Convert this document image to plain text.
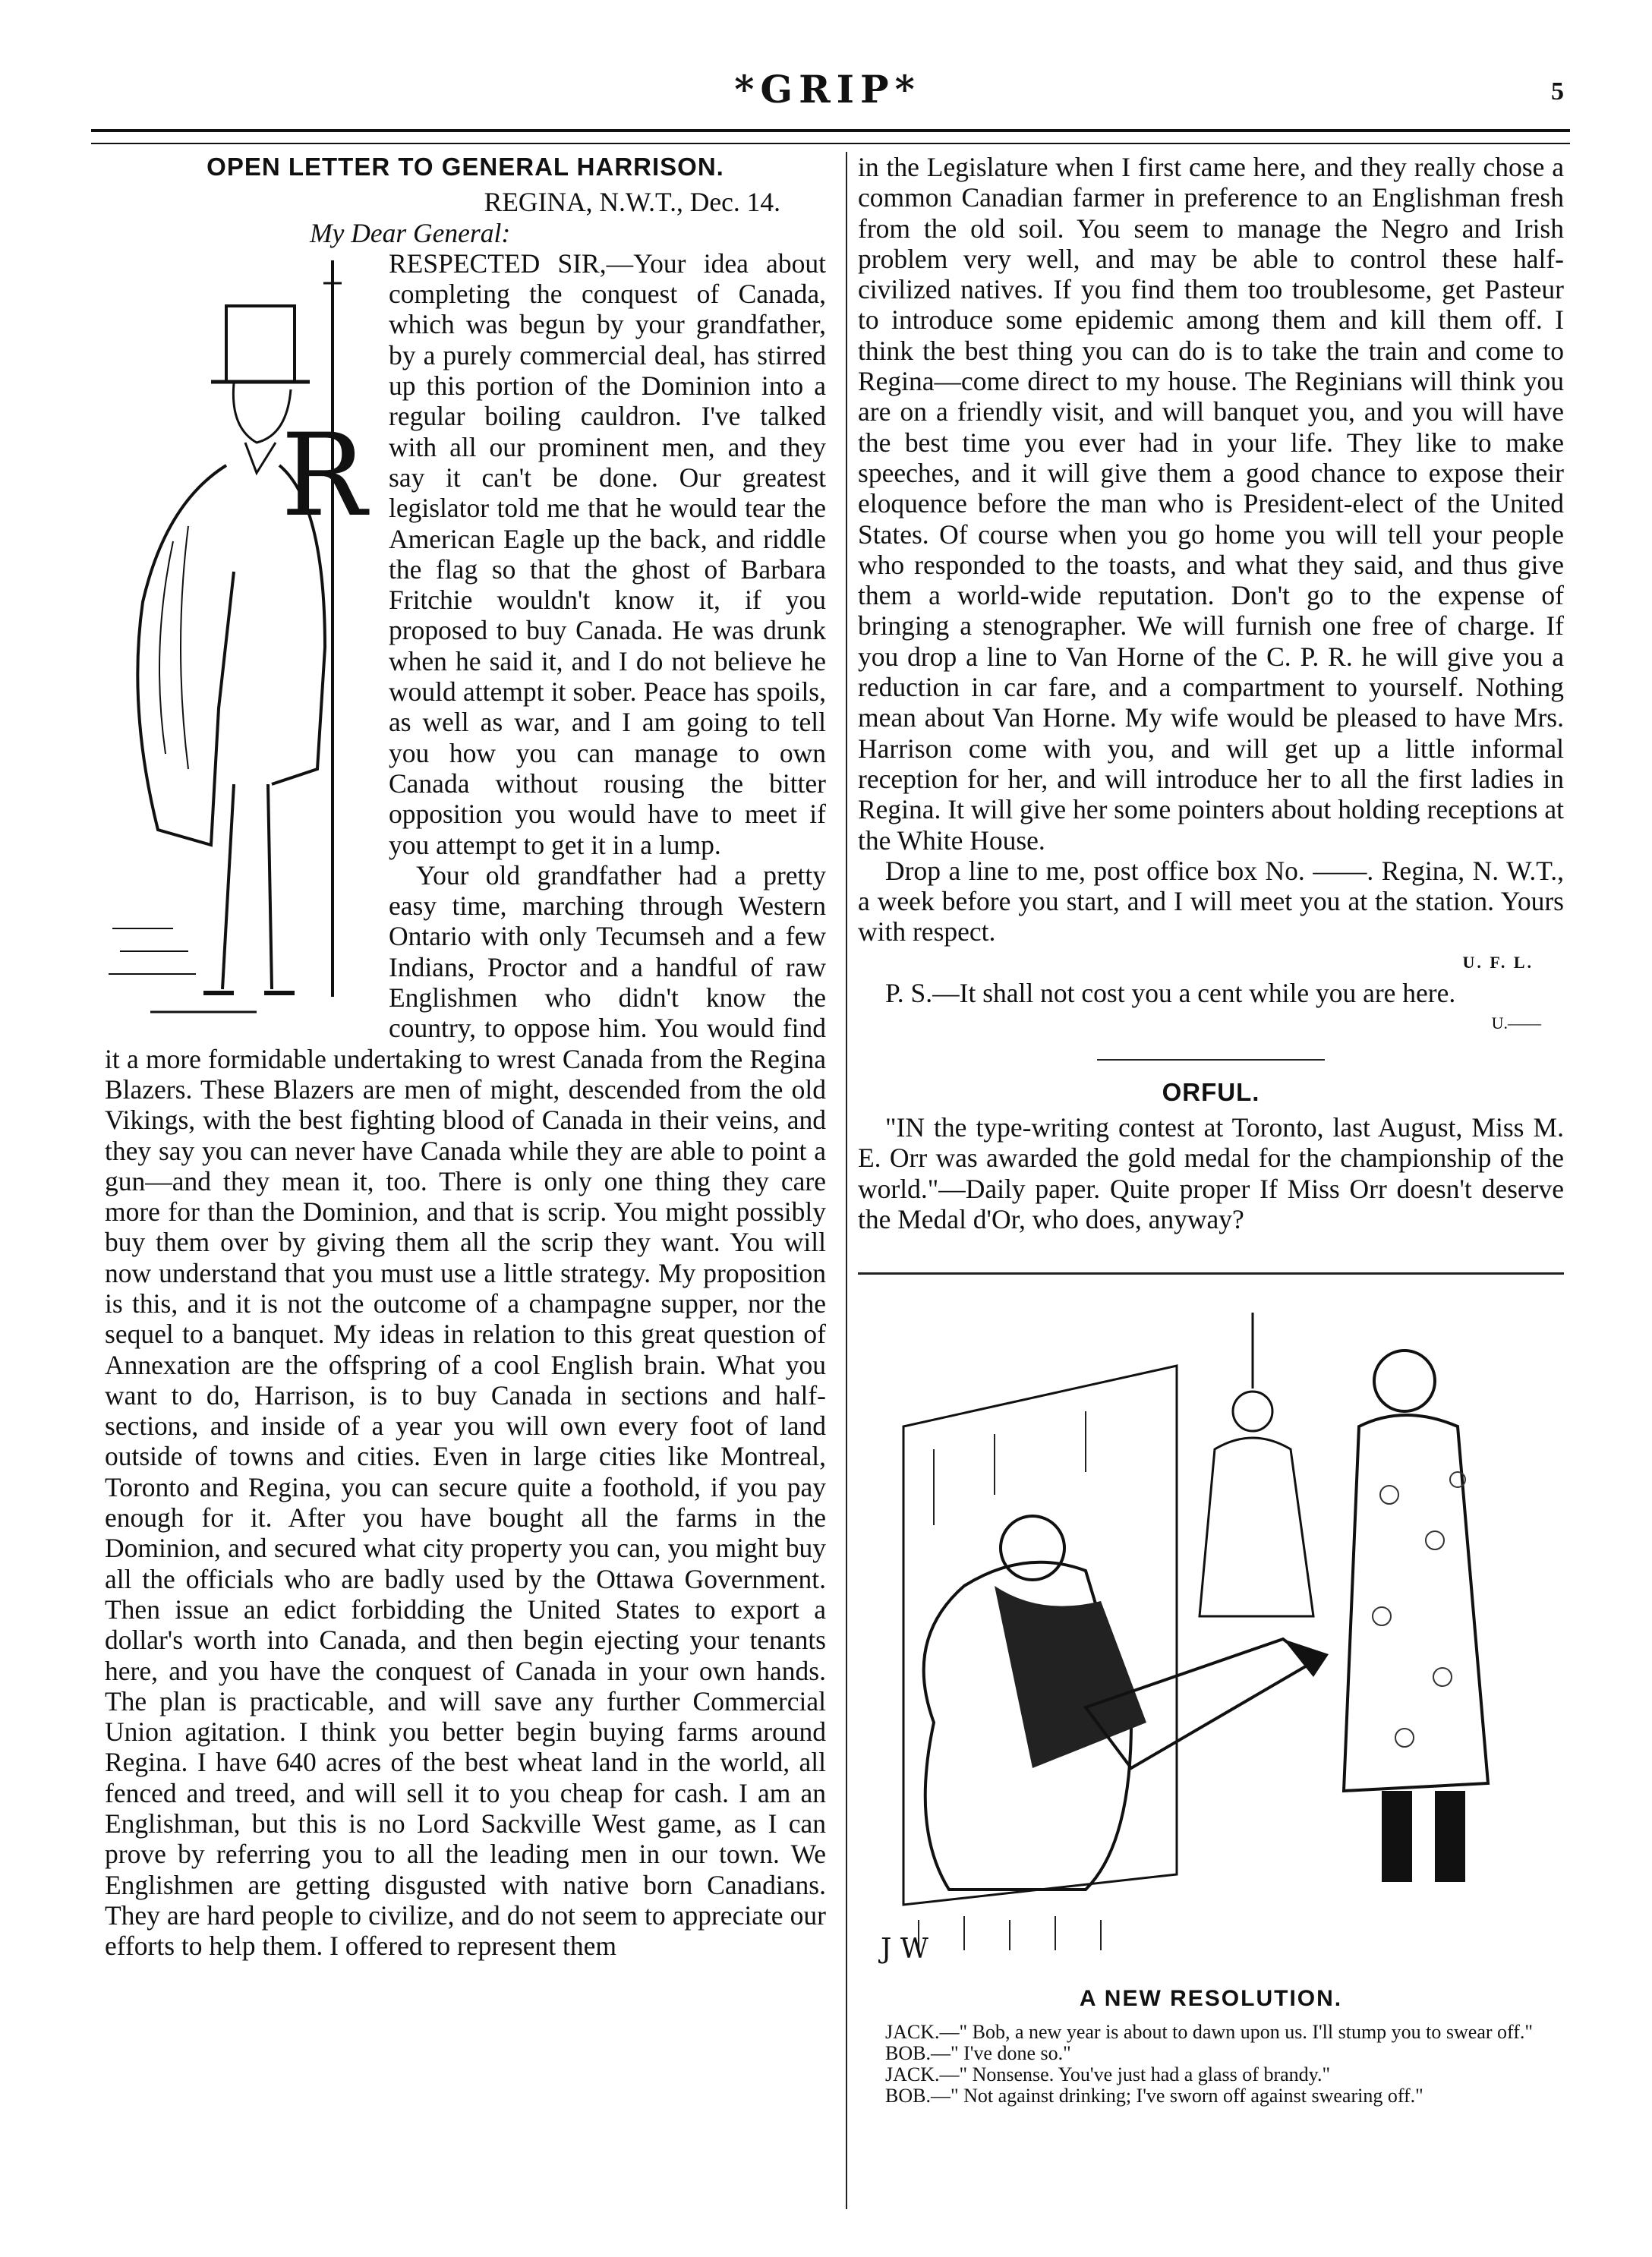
*GRIP*	5
OPEN LETTER TO GENERAL HARRISON.
REGINA, N.W.T., Dec. 14.
My Dear General:
R

RESPECTED SIR,—Your idea about completing the conquest of Canada, which was begun by your grandfather, by a purely commercial deal, has stirred up this portion of the Dominion into a regular boiling cauldron. I've talked with all our prominent men, and they say it can't be done. Our greatest legislator told me that he would tear the American Eagle up the back, and riddle the flag so that the ghost of Barbara Fritchie wouldn't know it, if you proposed to buy Canada. He was drunk when he said it, and I do not believe he would attempt it sober. Peace has spoils, as well as war, and I am going to tell you how you can manage to own Canada without rousing the bitter opposition you would have to meet if you attempt to get it in a lump.

Your old grandfather had a pretty easy time, marching through Western Ontario with only Tecumseh and a few Indians, Proctor and a handful of raw Englishmen who didn't know the country, to oppose him. You would find it a more formidable undertaking to wrest Canada from the Regina Blazers. These Blazers are men of might, descended from the old Vikings, with the best fighting blood of Canada in their veins, and they say you can never have Canada while they are able to point a gun—and they mean it, too. There is only one thing they care more for than the Dominion, and that is scrip. You might possibly buy them over by giving them all the scrip they want. You will now understand that you must use a little strategy. My proposition is this, and it is not the outcome of a champagne supper, nor the sequel to a banquet. My ideas in relation to this great question of Annexation are the offspring of a cool English brain. What you want to do, Harrison, is to buy Canada in sections and half-sections, and inside of a year you will own every foot of land outside of towns and cities. Even in large cities like Montreal, Toronto and Regina, you can secure quite a foothold, if you pay enough for it. After you have bought all the farms in the Dominion, and secured what city property you can, you might buy all the officials who are badly used by the Ottawa Government. Then issue an edict forbidding the United States to export a dollar's worth into Canada, and then begin ejecting your tenants here, and you have the conquest of Canada in your own hands. The plan is practicable, and will save any further Commercial Union agitation. I think you better begin buying farms around Regina. I have 640 acres of the best wheat land in the world, all fenced and treed, and will sell it to you cheap for cash. I am an Englishman, but this is no Lord Sackville West game, as I can prove by referring you to all the leading men in our town. We Englishmen are getting disgusted with native born Canadians. They are hard people to civilize, and do not seem to appreciate our efforts to help them. I offered to represent them

in the Legislature when I first came here, and they really chose a common Canadian farmer in preference to an Englishman fresh from the old soil. You seem to manage the Negro and Irish problem very well, and may be able to control these half-civilized natives. If you find them too troublesome, get Pasteur to introduce some epidemic among them and kill them off. I think the best thing you can do is to take the train and come to Regina—come direct to my house. The Reginians will think you are on a friendly visit, and will banquet you, and you will have the best time you ever had in your life. They like to make speeches, and it will give them a good chance to expose their eloquence before the man who is President-elect of the United States. Of course when you go home you will tell your people who responded to the toasts, and what they said, and thus give them a world-wide reputation. Don't go to the expense of bringing a stenographer. We will furnish one free of charge. If you drop a line to Van Horne of the C. P. R. he will give you a reduction in car fare, and a compartment to yourself. Nothing mean about Van Horne. My wife would be pleased to have Mrs. Harrison come with you, and will get up a little informal reception for her, and will introduce her to all the first ladies in Regina. It will give her some pointers about holding receptions at the White House.

Drop a line to me, post office box No. ——. Regina, N. W.T., a week before you start, and I will meet you at the station. Yours with respect.

U. F. L.

P. S.—It shall not cost you a cent while you are here.

U.——
ORFUL.

"IN the type-writing contest at Toronto, last August, Miss M. E. Orr was awarded the gold medal for the championship of the world."—Daily paper. Quite proper If Miss Orr doesn't deserve the Medal d'Or, who does, anyway?

J W
A NEW RESOLUTION.

JACK.—" Bob, a new year is about to dawn upon us. I'll stump you to swear off."

BOB.—" I've done so."

JACK.—" Nonsense. You've just had a glass of brandy."

BOB.—" Not against drinking; I've sworn off against swearing off."
